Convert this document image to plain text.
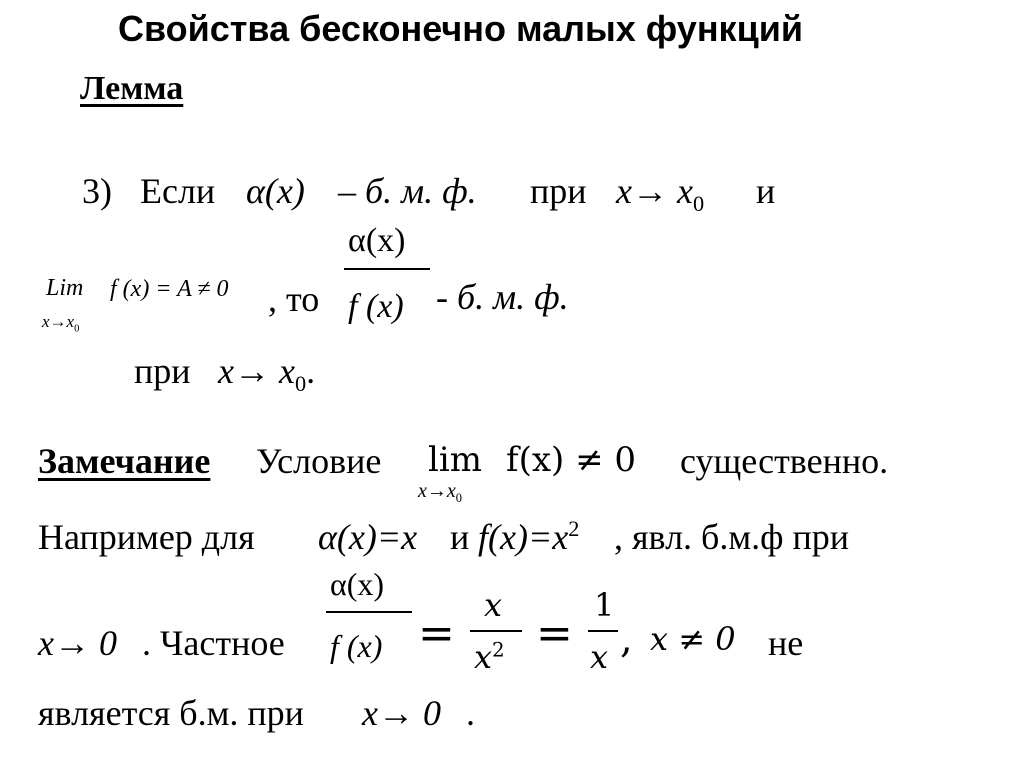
Свойства бесконечно малых функций
Лемма
3) Если α(x) – б. м. ф. при $x\to x_0$ и
Lim
$x\to x_0$
f (x) = A ≠ 0 , то
α(x)
f (x) - б. м. ф.
при $x\to x_0$.
Замечание Условие lim
$x\to x_0$
f(x) ≠ 0 существенно.
Например для α(x)=x и $f(x)=x^2$ , явл. б.м.ф при
x→ 0 . Частное
α(x)
f (x) =
x
$x^2$ =
1
x , x ≠ 0 не
является б.м. при x→ 0 .
